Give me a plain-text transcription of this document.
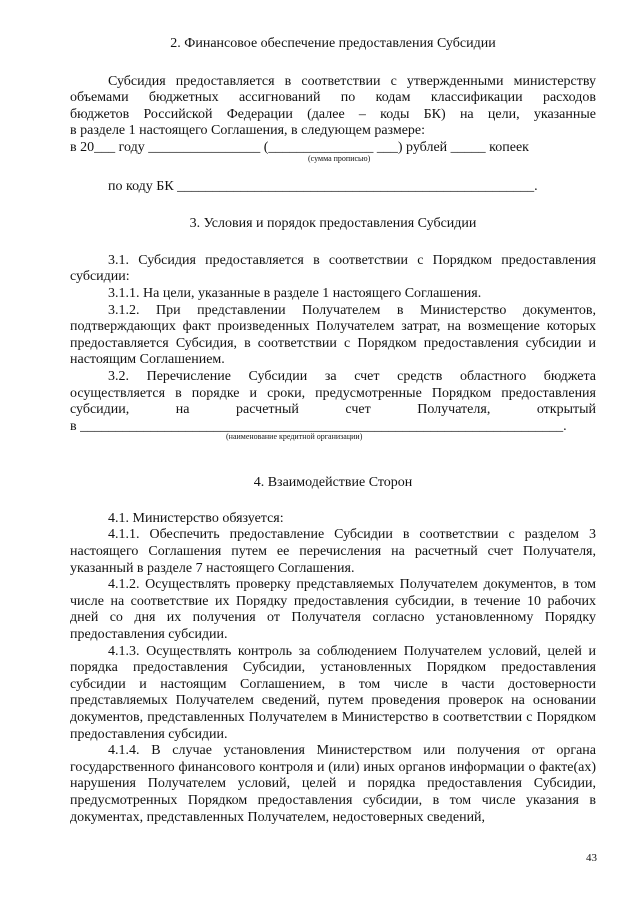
2. Финансовое обеспечение предоставления Субсидии

Субсидия предоставляется в соответствии с утвержденными министерству

объемами бюджетных ассигнований по кодам классификации расходов

бюджетов Российской Федерации (далее – коды БК) на цели, указанные

в разделе 1 настоящего Соглашения, в следующем размере:

в 20___ году ________________ (_______________ ___) рублей _____ копеек

(сумма прописью)

по коду БК ___________________________________________________.

3. Условия и порядок предоставления Субсидии

3.1. Субсидия предоставляется в соответствии с Порядком предоставления субсидии:

3.1.1. На цели, указанные в разделе 1 настоящего Соглашения.

3.1.2. При представлении Получателем в Министерство документов, подтверждающих факт произведенных Получателем затрат, на возмещение которых предоставляется Субсидия, в соответствии с Порядком предоставления субсидии и настоящим Соглашением.

3.2. Перечисление Субсидии за счет средств областного бюджета

осуществляется в порядке и сроки, предусмотренные Порядком предоставления

субсидии, на расчетный счет Получателя, открытый

в _____________________________________________________________________.

(наименование кредитной организации)

4. Взаимодействие Сторон

4.1. Министерство обязуется:

4.1.1. Обеспечить предоставление Субсидии в соответствии с разделом 3 настоящего Соглашения путем ее перечисления на расчетный счет Получателя, указанный в разделе 7 настоящего Соглашения.

4.1.2. Осуществлять проверку представляемых Получателем документов, в том числе на соответствие их Порядку предоставления субсидии, в течение 10 рабочих дней со дня их получения от Получателя согласно установленному Порядку предоставления субсидии.

4.1.3. Осуществлять контроль за соблюдением Получателем условий, целей и порядка предоставления Субсидии, установленных Порядком предоставления субсидии и настоящим Соглашением, в том числе в части достоверности представляемых Получателем сведений, путем проведения проверок на основании документов, представленных Получателем в Министерство в соответствии с Порядком предоставления субсидии.

4.1.4. В случае установления Министерством или получения от органа государственного финансового контроля и (или) иных органов информации о факте(ах) нарушения Получателем условий, целей и порядка предоставления Субсидии, предусмотренных Порядком предоставления субсидии, в том числе указания в документах, представленных Получателем, недостоверных сведений,

43
